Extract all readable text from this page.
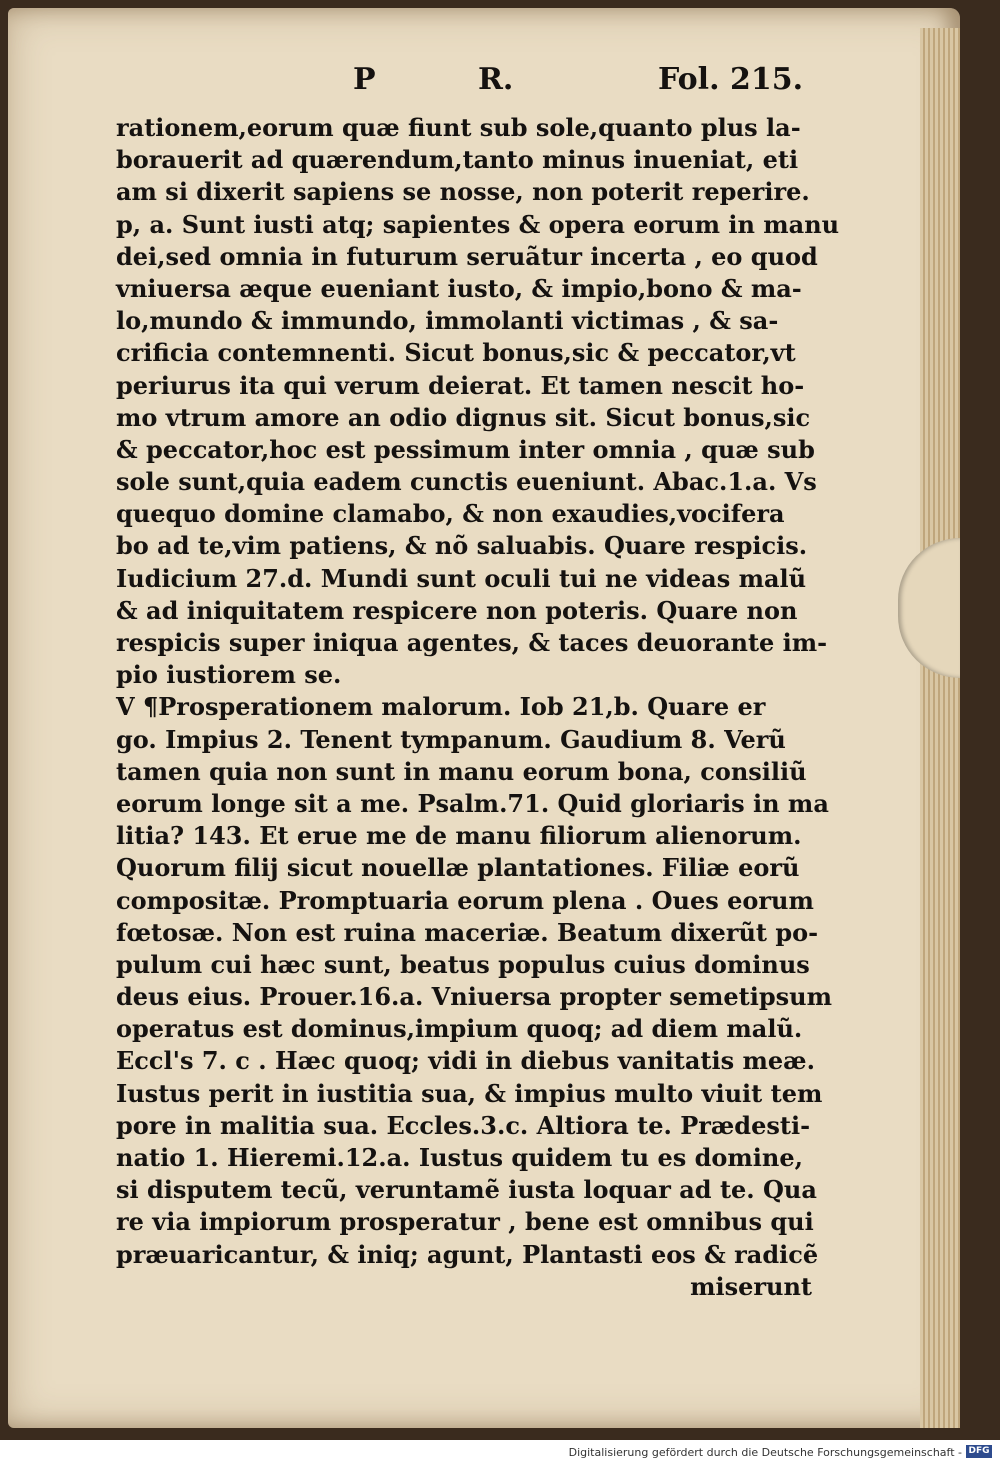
P	R.	Fol. 215.
rationem,eorum quæ fiunt sub sole,quanto plus la-
borauerit ad quærendum,tanto minus inueniat, eti
am si dixerit sapiens se nosse, non poterit reperire.
p, a. Sunt iusti atq; sapientes & opera eorum in manu
dei,sed omnia in futurum seruãtur incerta , eo quod
vniuersa æque eueniant iusto, & impio,bono & ma-
lo,mundo & immundo, immolanti victimas , & sa-
crificia contemnenti. Sicut bonus,sic & peccator,vt
periurus ita qui verum deierat. Et tamen nescit ho-
mo vtrum amore an odio dignus sit. Sicut bonus,sic
& peccator,hoc est pessimum inter omnia , quæ sub
sole sunt,quia eadem cunctis eueniunt. Abac.1.a. Vs
quequo domine clamabo, & non exaudies,vocifera
bo ad te,vim patiens, & nõ saluabis. Quare respicis.
Iudicium 27.d. Mundi sunt oculi tui ne videas malũ
& ad iniquitatem respicere non poteris. Quare non
respicis super iniqua agentes, & taces deuorante im-
pio iustiorem se.
V ¶Prosperationem malorum. Iob 21,b. Quare er
go. Impius 2. Tenent tympanum. Gaudium 8. Verũ
tamen quia non sunt in manu eorum bona, consiliũ
eorum longe sit a me. Psalm.71. Quid gloriaris in ma
litia? 143. Et erue me de manu filiorum alienorum.
Quorum filij sicut nouellæ plantationes. Filiæ eorũ
compositæ. Promptuaria eorum plena . Oues eorum
fœtosæ. Non est ruina maceriæ. Beatum dixerũt po-
pulum cui hæc sunt, beatus populus cuius dominus
deus eius. Prouer.16.a. Vniuersa propter semetipsum
operatus est dominus,impium quoq; ad diem malũ.
Eccl's 7. c . Hæc quoq; vidi in diebus vanitatis meæ.
Iustus perit in iustitia sua, & impius multo viuit tem
pore in malitia sua. Eccles.3.c. Altiora te. Prædesti-
natio 1. Hieremi.12.a. Iustus quidem tu es domine,
si disputem tecũ, veruntamẽ iusta loquar ad te. Qua
re via impiorum prosperatur , bene est omnibus qui
præuaricantur, & iniq; agunt, Plantasti eos & radicẽ
miserunt
Digitalisierung gefördert durch die Deutsche Forschungsgemeinschaft - DFG
